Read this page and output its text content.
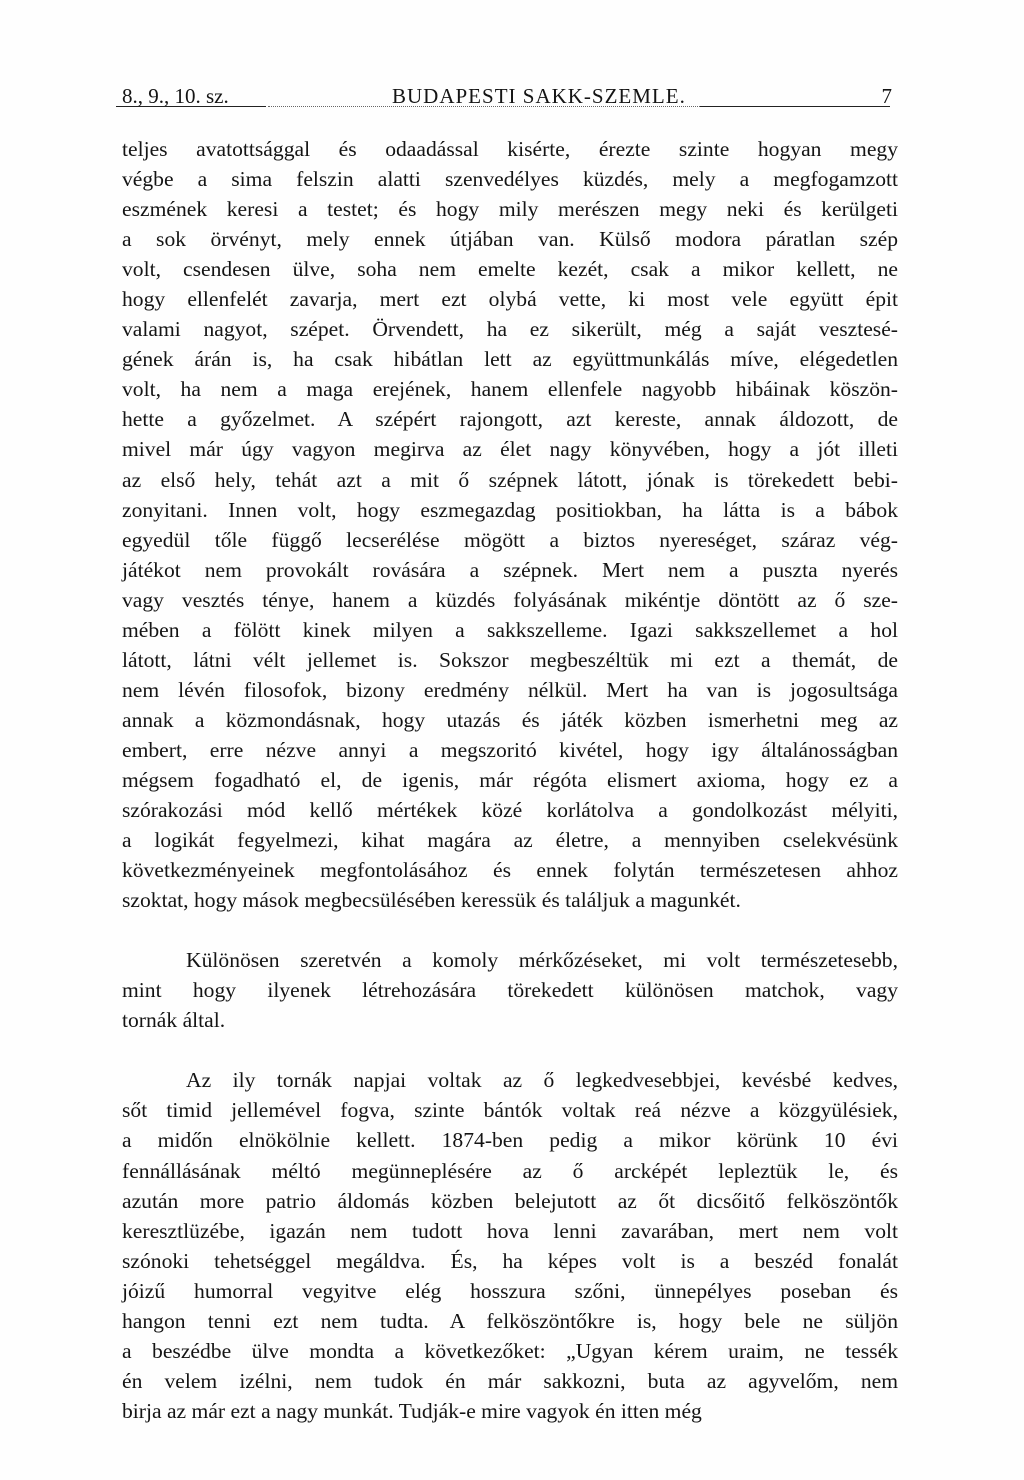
8., 9., 10. sz.	BUDAPESTI SAKK-SZEMLE.	7
teljes avatottsággal és odaadással kisérte, érezte szinte hogyan megy
végbe a sima felszin alatti szenvedélyes küzdés, mely a megfogamzott
eszmének keresi a testet; és hogy mily merészen megy neki és kerülgeti
a sok örvényt, mely ennek útjában van. Külső modora páratlan szép
volt, csendesen ülve, soha nem emelte kezét, csak a mikor kellett, ne
hogy ellenfelét zavarja, mert ezt olybá vette, ki most vele együtt épit
valami nagyot, szépet. Örvendett, ha ez sikerült, még a saját vesztesé-
gének árán is, ha csak hibátlan lett az együttmunkálás míve, elégedetlen
volt, ha nem a maga erejének, hanem ellenfele nagyobb hibáinak köszön-
hette a győzelmet. A szépért rajongott, azt kereste, annak áldozott, de
mivel már úgy vagyon megirva az élet nagy könyvében, hogy a jót illeti
az első hely, tehát azt a mit ő szépnek látott, jónak is törekedett bebi-
zonyitani. Innen volt, hogy eszmegazdag positiokban, ha látta is a bábok
egyedül tőle függő lecserélése mögött a biztos nyereséget, száraz vég-
játékot nem provokált rovására a szépnek. Mert nem a puszta nyerés
vagy vesztés ténye, hanem a küzdés folyásának mikéntje döntött az ő sze-
mében a fölött kinek milyen a sakkszelleme. Igazi sakkszellemet a hol
látott, látni vélt jellemet is. Sokszor megbeszéltük mi ezt a themát, de
nem lévén filosofok, bizony eredmény nélkül. Mert ha van is jogosultsága
annak a közmondásnak, hogy utazás és játék közben ismerhetni meg az
embert, erre nézve annyi a megszoritó kivétel, hogy igy általánosságban
mégsem fogadható el, de igenis, már régóta elismert axioma, hogy ez a
szórakozási mód kellő mértékek közé korlátolva a gondolkozást mélyiti,
a logikát fegyelmezi, kihat magára az életre, a mennyiben cselekvésünk
következményeinek megfontolásához és ennek folytán természetesen ahhoz
szoktat, hogy mások megbecsülésében keressük és találjuk a magunkét.
Különösen szeretvén a komoly mérkőzéseket, mi volt természetesebb,
mint hogy ilyenek létrehozására törekedett különösen matchok, vagy
tornák által.
Az ily tornák napjai voltak az ő legkedvesebbjei, kevésbé kedves,
sőt timid jellemével fogva, szinte bántók voltak reá nézve a közgyülésiek,
a midőn elnökölnie kellett. 1874-ben pedig a mikor körünk 10 évi
fennállásának méltó megünneplésére az ő arcképét lepleztük le, és
azután more patrio áldomás közben belejutott az őt dicsőitő felköszöntők
keresztlüzébe, igazán nem tudott hova lenni zavarában, mert nem volt
szónoki tehetséggel megáldva. És, ha képes volt is a beszéd fonalát
jóizű humorral vegyitve elég hosszura szőni, ünnepélyes poseban és
hangon tenni ezt nem tudta. A felköszöntőkre is, hogy bele ne süljön
a beszédbe ülve mondta a következőket: „Ugyan kérem uraim, ne tessék
én velem izélni, nem tudok én már sakkozni, buta az agyvelőm, nem
birja az már ezt a nagy munkát. Tudják-e mire vagyok én itten még
